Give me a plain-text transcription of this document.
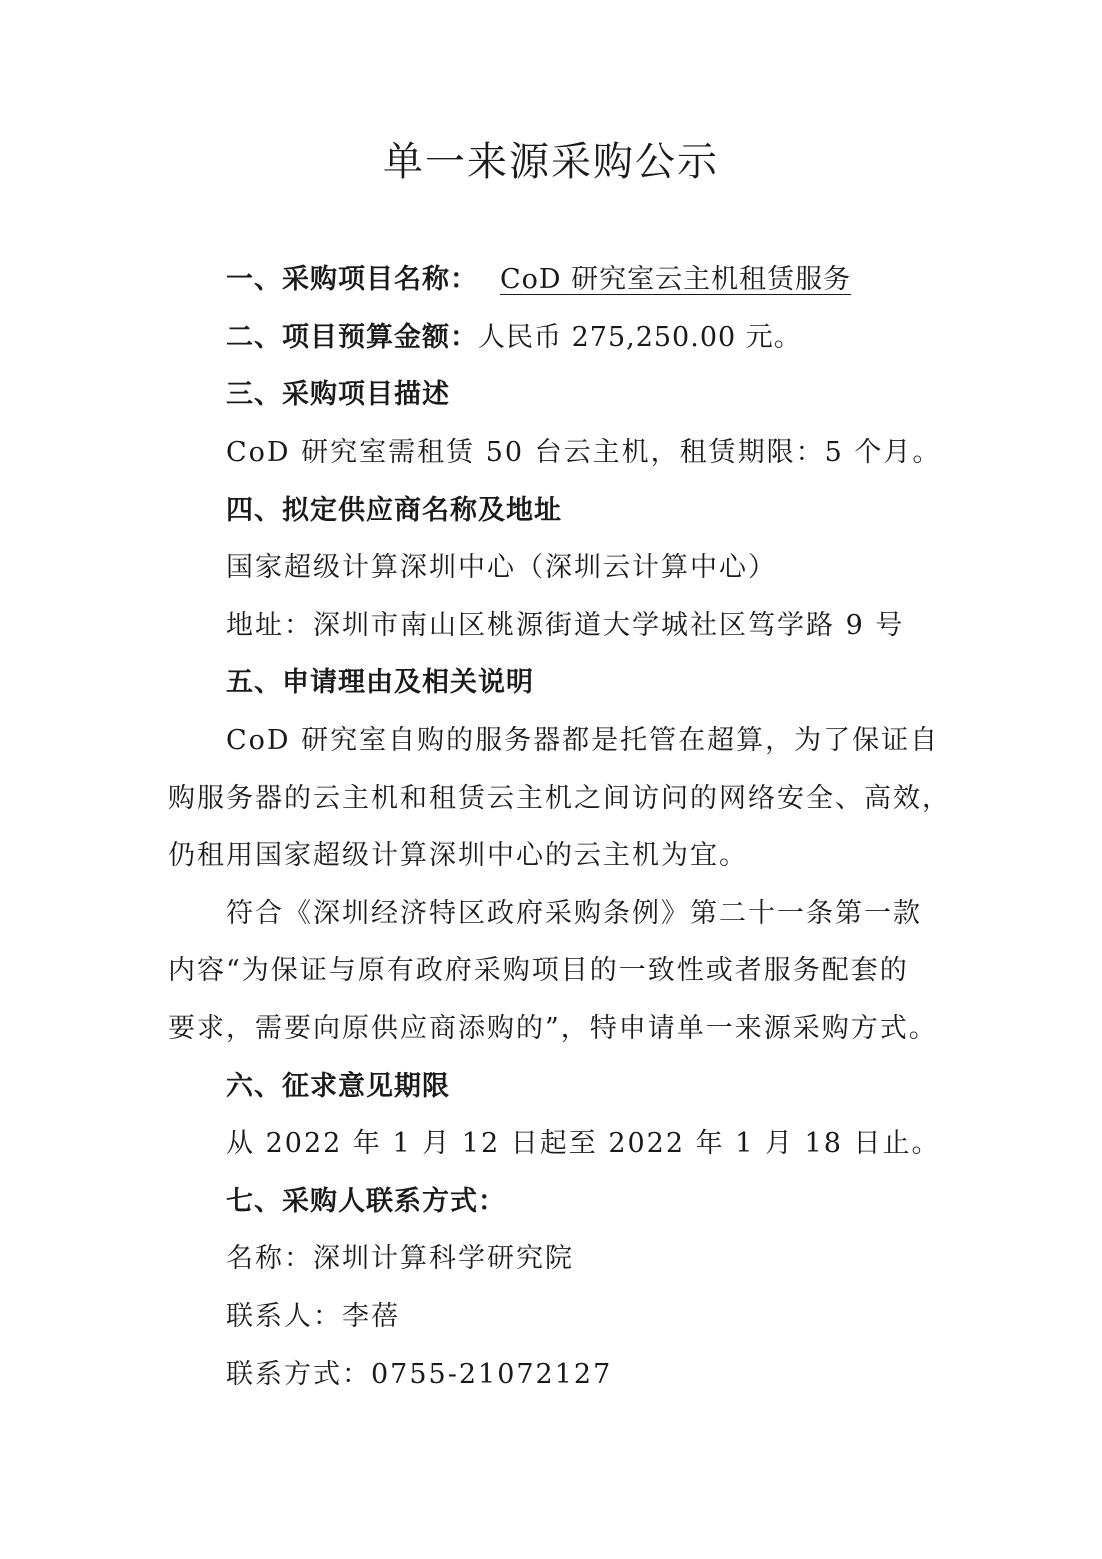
单一来源采购公示

一、采购项目名称： CoD 研究室云主机租赁服务

二、项目预算金额：人民币 275,250.00 元。

三、采购项目描述

CoD 研究室需租赁 50 台云主机，租赁期限：5 个月。

四、拟定供应商名称及地址

国家超级计算深圳中心（深圳云计算中心）

地址：深圳市南山区桃源街道大学城社区笃学路 9 号

五、申请理由及相关说明

CoD 研究室自购的服务器都是托管在超算，为了保证自

购服务器的云主机和租赁云主机之间访问的网络安全、高效，

仍租用国家超级计算深圳中心的云主机为宜。

符合《深圳经济特区政府采购条例》第二十一条第一款

内容“为保证与原有政府采购项目的一致性或者服务配套的

要求，需要向原供应商添购的”，特申请单一来源采购方式。

六、征求意见期限

从 2022 年 1 月 12 日起至 2022 年 1 月 18 日止。

七、采购人联系方式：

名称：深圳计算科学研究院

联系人：李蓓

联系方式：0755-21072127
